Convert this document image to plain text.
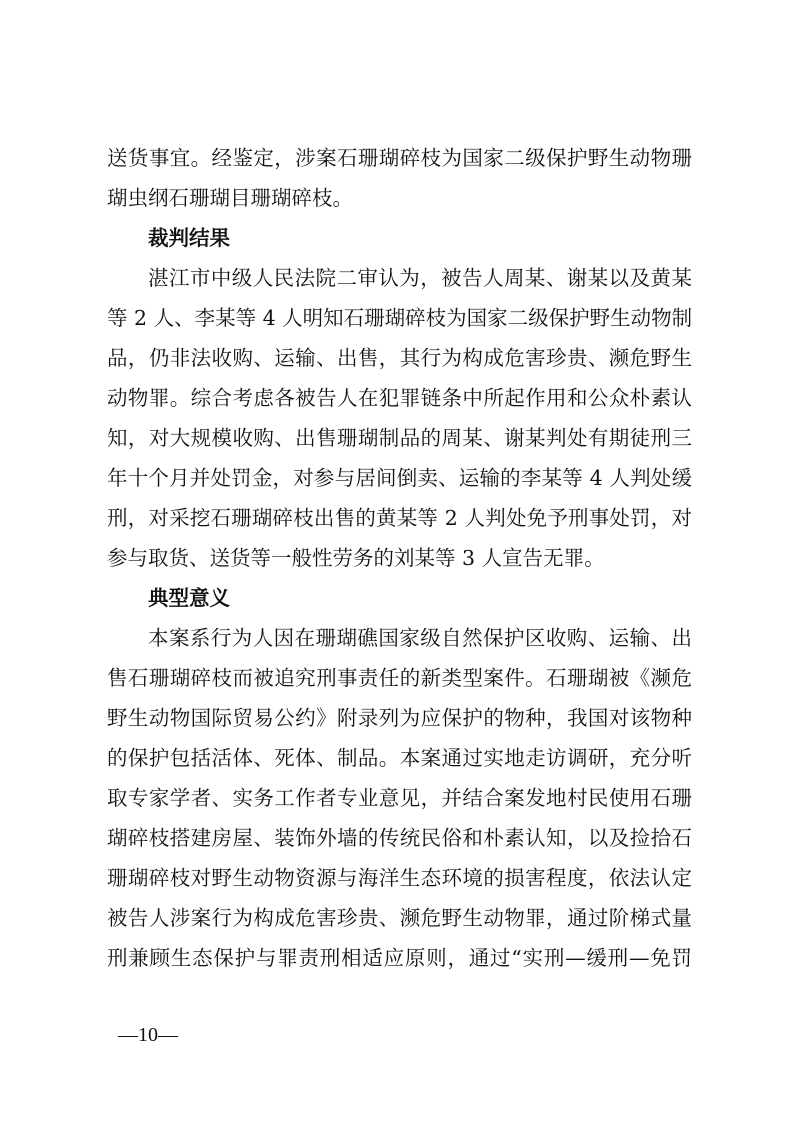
送货事宜。经鉴定，涉案石珊瑚碎枝为国家二级保护野生动物珊
瑚虫纲石珊瑚目珊瑚碎枝。
裁判结果
湛江市中级人民法院二审认为，被告人周某、谢某以及黄某
等 2 人、李某等 4 人明知石珊瑚碎枝为国家二级保护野生动物制
品，仍非法收购、运输、出售，其行为构成危害珍贵、濒危野生
动物罪。综合考虑各被告人在犯罪链条中所起作用和公众朴素认
知，对大规模收购、出售珊瑚制品的周某、谢某判处有期徒刑三
年十个月并处罚金，对参与居间倒卖、运输的李某等 4 人判处缓
刑，对采挖石珊瑚碎枝出售的黄某等 2 人判处免予刑事处罚，对
参与取货、送货等一般性劳务的刘某等 3 人宣告无罪。
典型意义
本案系行为人因在珊瑚礁国家级自然保护区收购、运输、出
售石珊瑚碎枝而被追究刑事责任的新类型案件。石珊瑚被《濒危
野生动物国际贸易公约》附录列为应保护的物种，我国对该物种
的保护包括活体、死体、制品。本案通过实地走访调研，充分听
取专家学者、实务工作者专业意见，并结合案发地村民使用石珊
瑚碎枝搭建房屋、装饰外墙的传统民俗和朴素认知，以及捡拾石
珊瑚碎枝对野生动物资源与海洋生态环境的损害程度，依法认定
被告人涉案行为构成危害珍贵、濒危野生动物罪，通过阶梯式量
刑兼顾生态保护与罪责刑相适应原则，通过“实刑—缓刑—免罚
—10—
